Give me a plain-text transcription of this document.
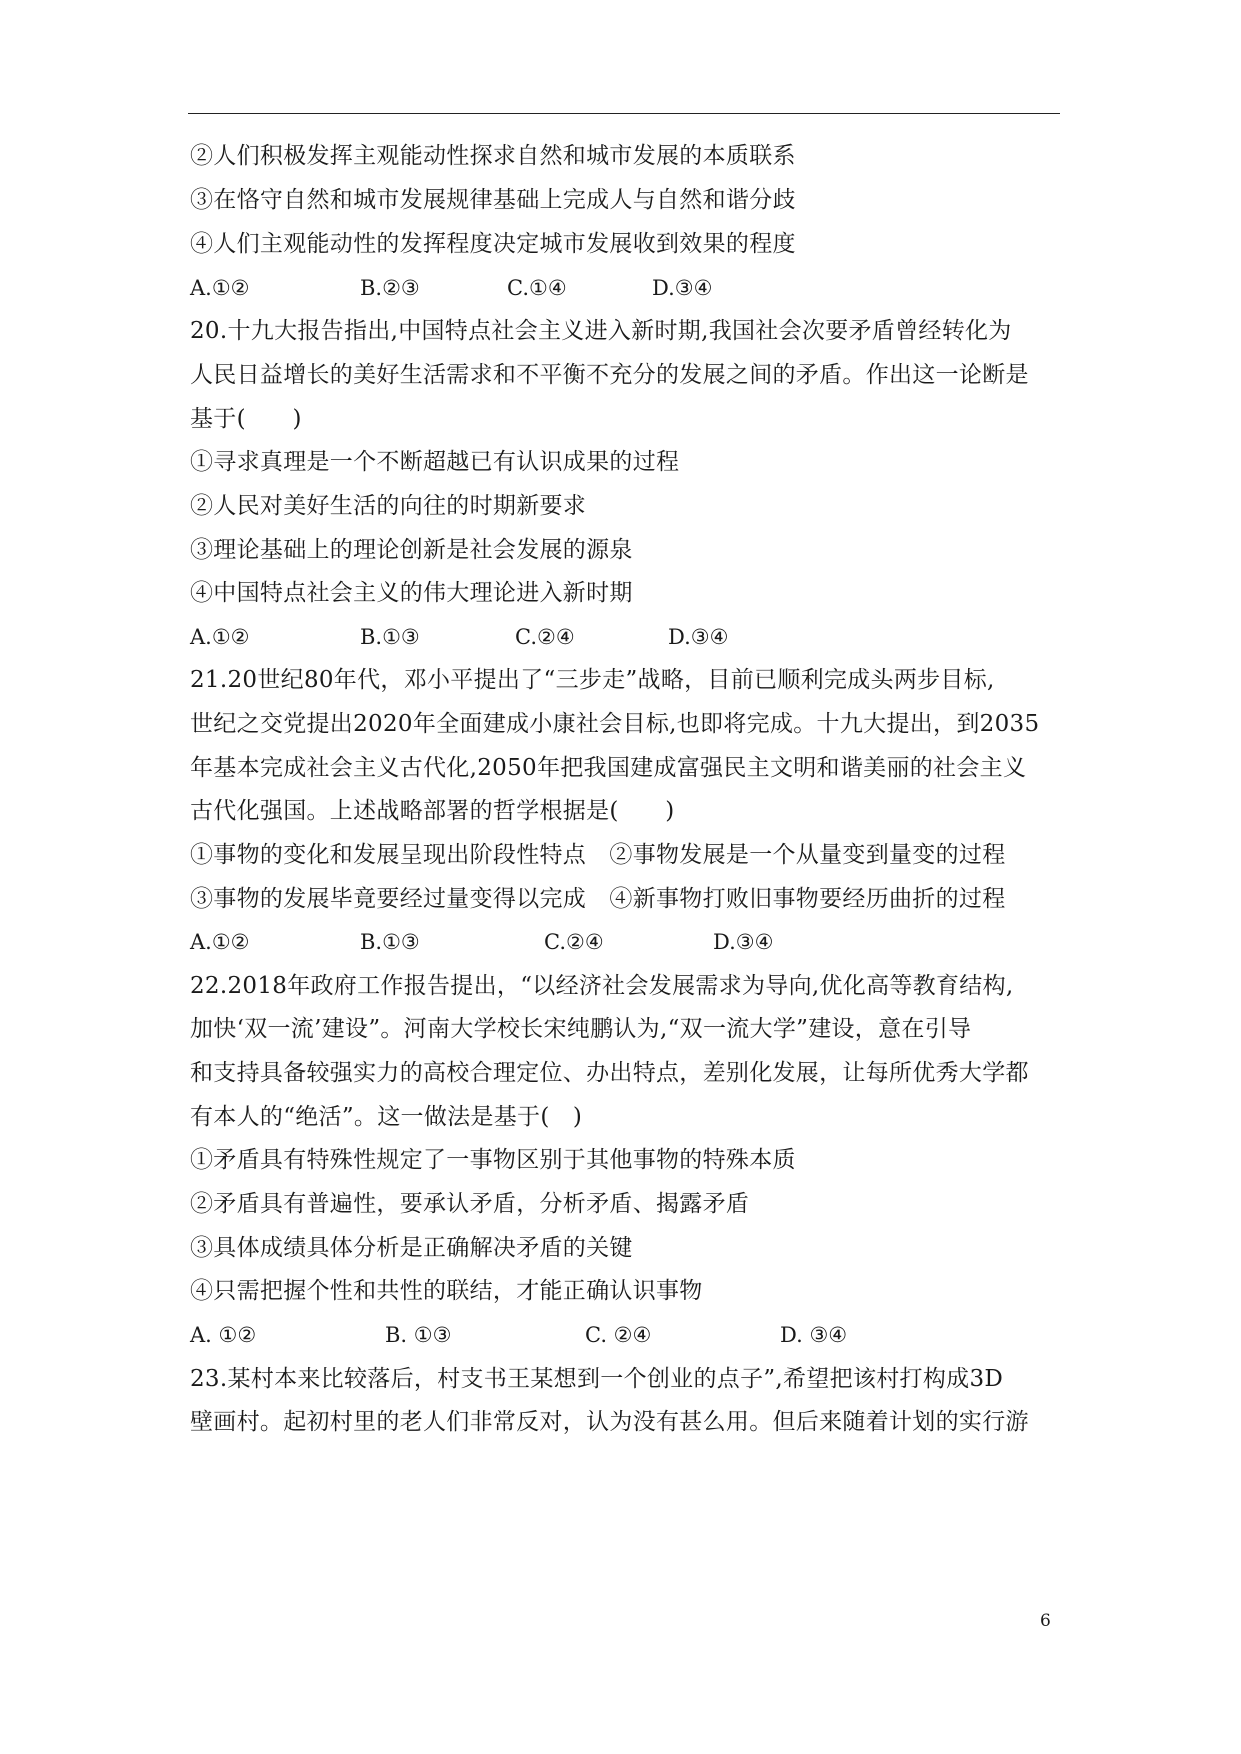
②人们积极发挥主观能动性探求自然和城市发展的本质联系
③在恪守自然和城市发展规律基础上完成人与自然和谐分歧
④人们主观能动性的发挥程度决定城市发展收到效果的程度

A.①②

	B.②③

	C.①④

	D.③④

20.十九大报告指出,中国特点社会主义进入新时期,我国社会次要矛盾曾经转化为
人民日益增长的美好生活需求和不平衡不充分的发展之间的矛盾。作出这一论断是
基于(　　)
①寻求真理是一个不断超越已有认识成果的过程
②人民对美好生活的向往的时期新要求
③理论基础上的理论创新是社会发展的源泉
④中国特点社会主义的伟大理论进入新时期

A.①②

	B.①③

	C.②④

	D.③④

21.20世纪80年代，邓小平提出了“三步走”战略，目前已顺利完成头两步目标,
世纪之交党提出2020年全面建成小康社会目标,也即将完成。十九大提出，到2035
年基本完成社会主义古代化,2050年把我国建成富强民主文明和谐美丽的社会主义
古代化强国。上述战略部署的哲学根据是(　　)
①事物的变化和发展呈现出阶段性特点　②事物发展是一个从量变到量变的过程
③事物的发展毕竟要经过量变得以完成　④新事物打败旧事物要经历曲折的过程

A.①②

	B.①③

	C.②④

	D.③④

22.2018年政府工作报告提出，“以经济社会发展需求为导向,优化高等教育结构,
加快‘双一流’建设”。河南大学校长宋纯鹏认为,“双一流大学”建设，意在引导
和支持具备较强实力的高校合理定位、办出特点，差别化发展，让每所优秀大学都
有本人的“绝活”。这一做法是基于(　)
①矛盾具有特殊性规定了一事物区别于其他事物的特殊本质
②矛盾具有普遍性，要承认矛盾，分析矛盾、揭露矛盾
③具体成绩具体分析是正确解决矛盾的关键
④只需把握个性和共性的联结，才能正确认识事物

A. ①②

	B. ①③

	C. ②④

	D. ③④

23.某村本来比较落后，村支书王某想到一个创业的点子”,希望把该村打构成3D
壁画村。起初村里的老人们非常反对，认为没有甚么用。但后来随着计划的实行游
6
